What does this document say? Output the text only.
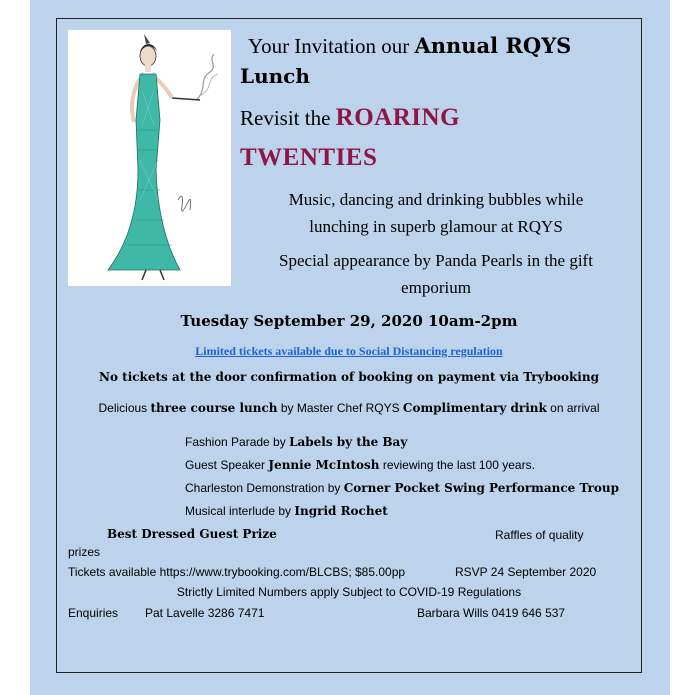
Your Invitation our Annual RQYS
Lunch
Revisit the ROARING
TWENTIES
Music, dancing and drinking bubbles while
lunching in superb glamour at RQYS
Special appearance by Panda Pearls in the gift
emporium
Tuesday September 29, 2020 10am-2pm
Limited tickets available due to Social Distancing regulation
No tickets at the door confirmation of booking on payment via Trybooking
Delicious three course lunch by Master Chef RQYS Complimentary drink on arrival
Fashion Parade by Labels by the Bay
Guest Speaker Jennie McIntosh reviewing the last 100 years.
Charleston Demonstration by Corner Pocket Swing Performance Troup
Musical interlude by Ingrid Rochet
Best Dressed Guest Prize	Raffles of quality
prizes
Tickets available https://www.trybooking.com/BLCBS; $85.00pp	RSVP 24 September 2020
Strictly Limited Numbers apply Subject to COVID-19 Regulations
Enquiries Pat Lavelle 3286 7471	Barbara Wills 0419 646 537
